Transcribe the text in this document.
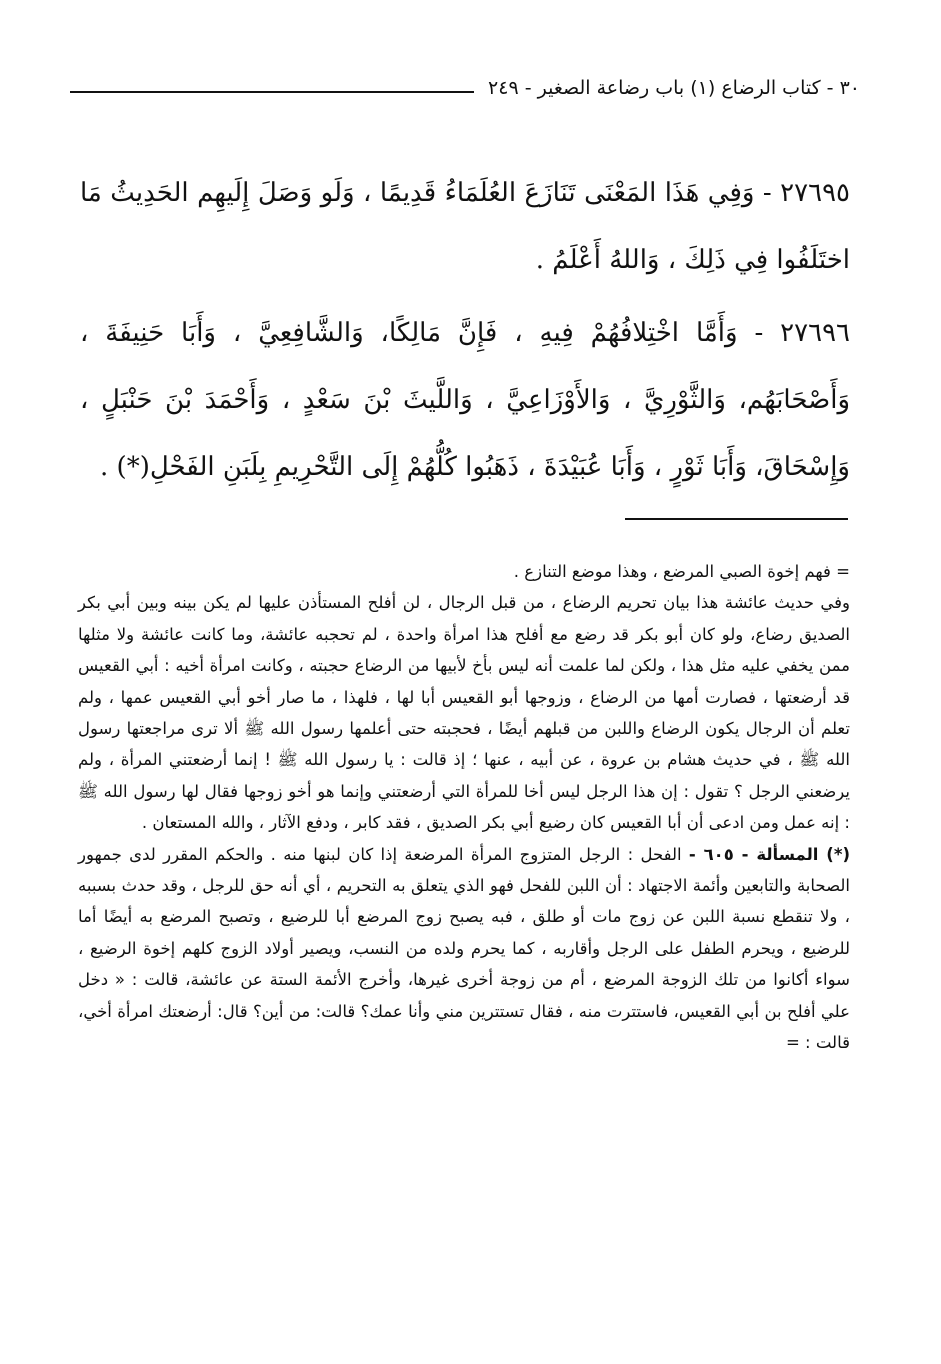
٣٠ - كتاب الرضاع (١) باب رضاعة الصغير - ٢٤٩

٢٧٦٩٥ - وَفِي هَذَا المَعْنَى تَنَازَعَ العُلَمَاءُ قَدِيمًا ، وَلَو وَصَلَ إِلَيهِم الحَدِيثُ مَا اختَلَفُوا فِي ذَلِكَ ، وَاللهُ أَعْلَمُ .

٢٧٦٩٦ - وَأَمَّا اخْتِلافُهُمْ فِيهِ ، فَإِنَّ مَالِكًا، وَالشَّافِعِيَّ ، وَأَبَا حَنِيفَةَ ، وَأَصْحَابَهُم، وَالثَّوْرِيَّ ، وَالأَوْزَاعِيَّ ، وَاللَّيثَ بْنَ سَعْدٍ ، وَأَحْمَدَ بْنَ حَنْبَلٍ ، وَإِسْحَاقَ، وَأَبَا ثَوْرٍ ، وَأَبَا عُبَيْدَةَ ، ذَهَبُوا كُلُّهُمْ إِلَى التَّحْرِيمِ بِلَبَنِ الفَحْلِ(*) .

= فهم إخوة الصبي المرضع ، وهذا موضع التنازع .

وفي حديث عائشة هذا بيان تحريم الرضاع ، من قبل الرجال ، لن أفلح المستأذن عليها لم يكن بينه وبين أبي بكر الصديق رضاع، ولو كان أبو بكر قد رضع مع أفلح هذا امرأة واحدة ، لم تحجبه عائشة، وما كانت عائشة ولا مثلها ممن يخفي عليه مثل هذا ، ولكن لما علمت أنه ليس بأخ لأبيها من الرضاع حجبته ، وكانت امرأة أخيه : أبي القعيس قد أرضعتها ، فصارت أمها من الرضاع ، وزوجها أبو القعيس أبا لها ، فلهذا ، ما صار أخو أبي القعيس عمها ، ولم تعلم أن الرجال يكون الرضاع واللبن من قبلهم أيضًا ، فحجبته حتى أعلمها رسول الله ﷺ ألا ترى مراجعتها رسول الله ﷺ ، في حديث هشام بن عروة ، عن أبيه ، عنها ؛ إذ قالت : يا رسول الله ﷺ ! إنما أرضعتني المرأة ، ولم يرضعني الرجل ؟ تقول : إن هذا الرجل ليس أخا للمرأة التي أرضعتني وإنما هو أخو زوجها فقال لها رسول الله ﷺ : إنه عمل ومن ادعى أن أبا القعيس كان رضيع أبي بكر الصديق ، فقد كابر ، ودفع الآثار ، والله المستعان .

(*) المسألة - ٦٠٥ - الفحل : الرجل المتزوج المرأة المرضعة إذا كان لبنها منه . والحكم المقرر لدى جمهور الصحابة والتابعين وأئمة الاجتهاد : أن اللبن للفحل فهو الذي يتعلق به التحريم ، أي أنه حق للرجل ، وقد حدث بسببه ، ولا تنقطع نسبة اللبن عن زوج مات أو طلق ، فبه يصبح زوج المرضع أبا للرضيع ، وتصبح المرضع به أيضًا أما للرضيع ، ويحرم الطفل على الرجل وأقاربه ، كما يحرم ولده من النسب، ويصير أولاد الزوج كلهم إخوة الرضيع ، سواء أكانوا من تلك الزوجة المرضع ، أم من زوجة أخرى غيرها، وأخرج الأئمة الستة عن عائشة، قالت : « دخل علي أفلح بن أبي القعيس، فاستترت منه ، فقال تستترين مني وأنا عمك؟ قالت: من أين؟ قال: أرضعتك امرأة أخي، قالت : =
